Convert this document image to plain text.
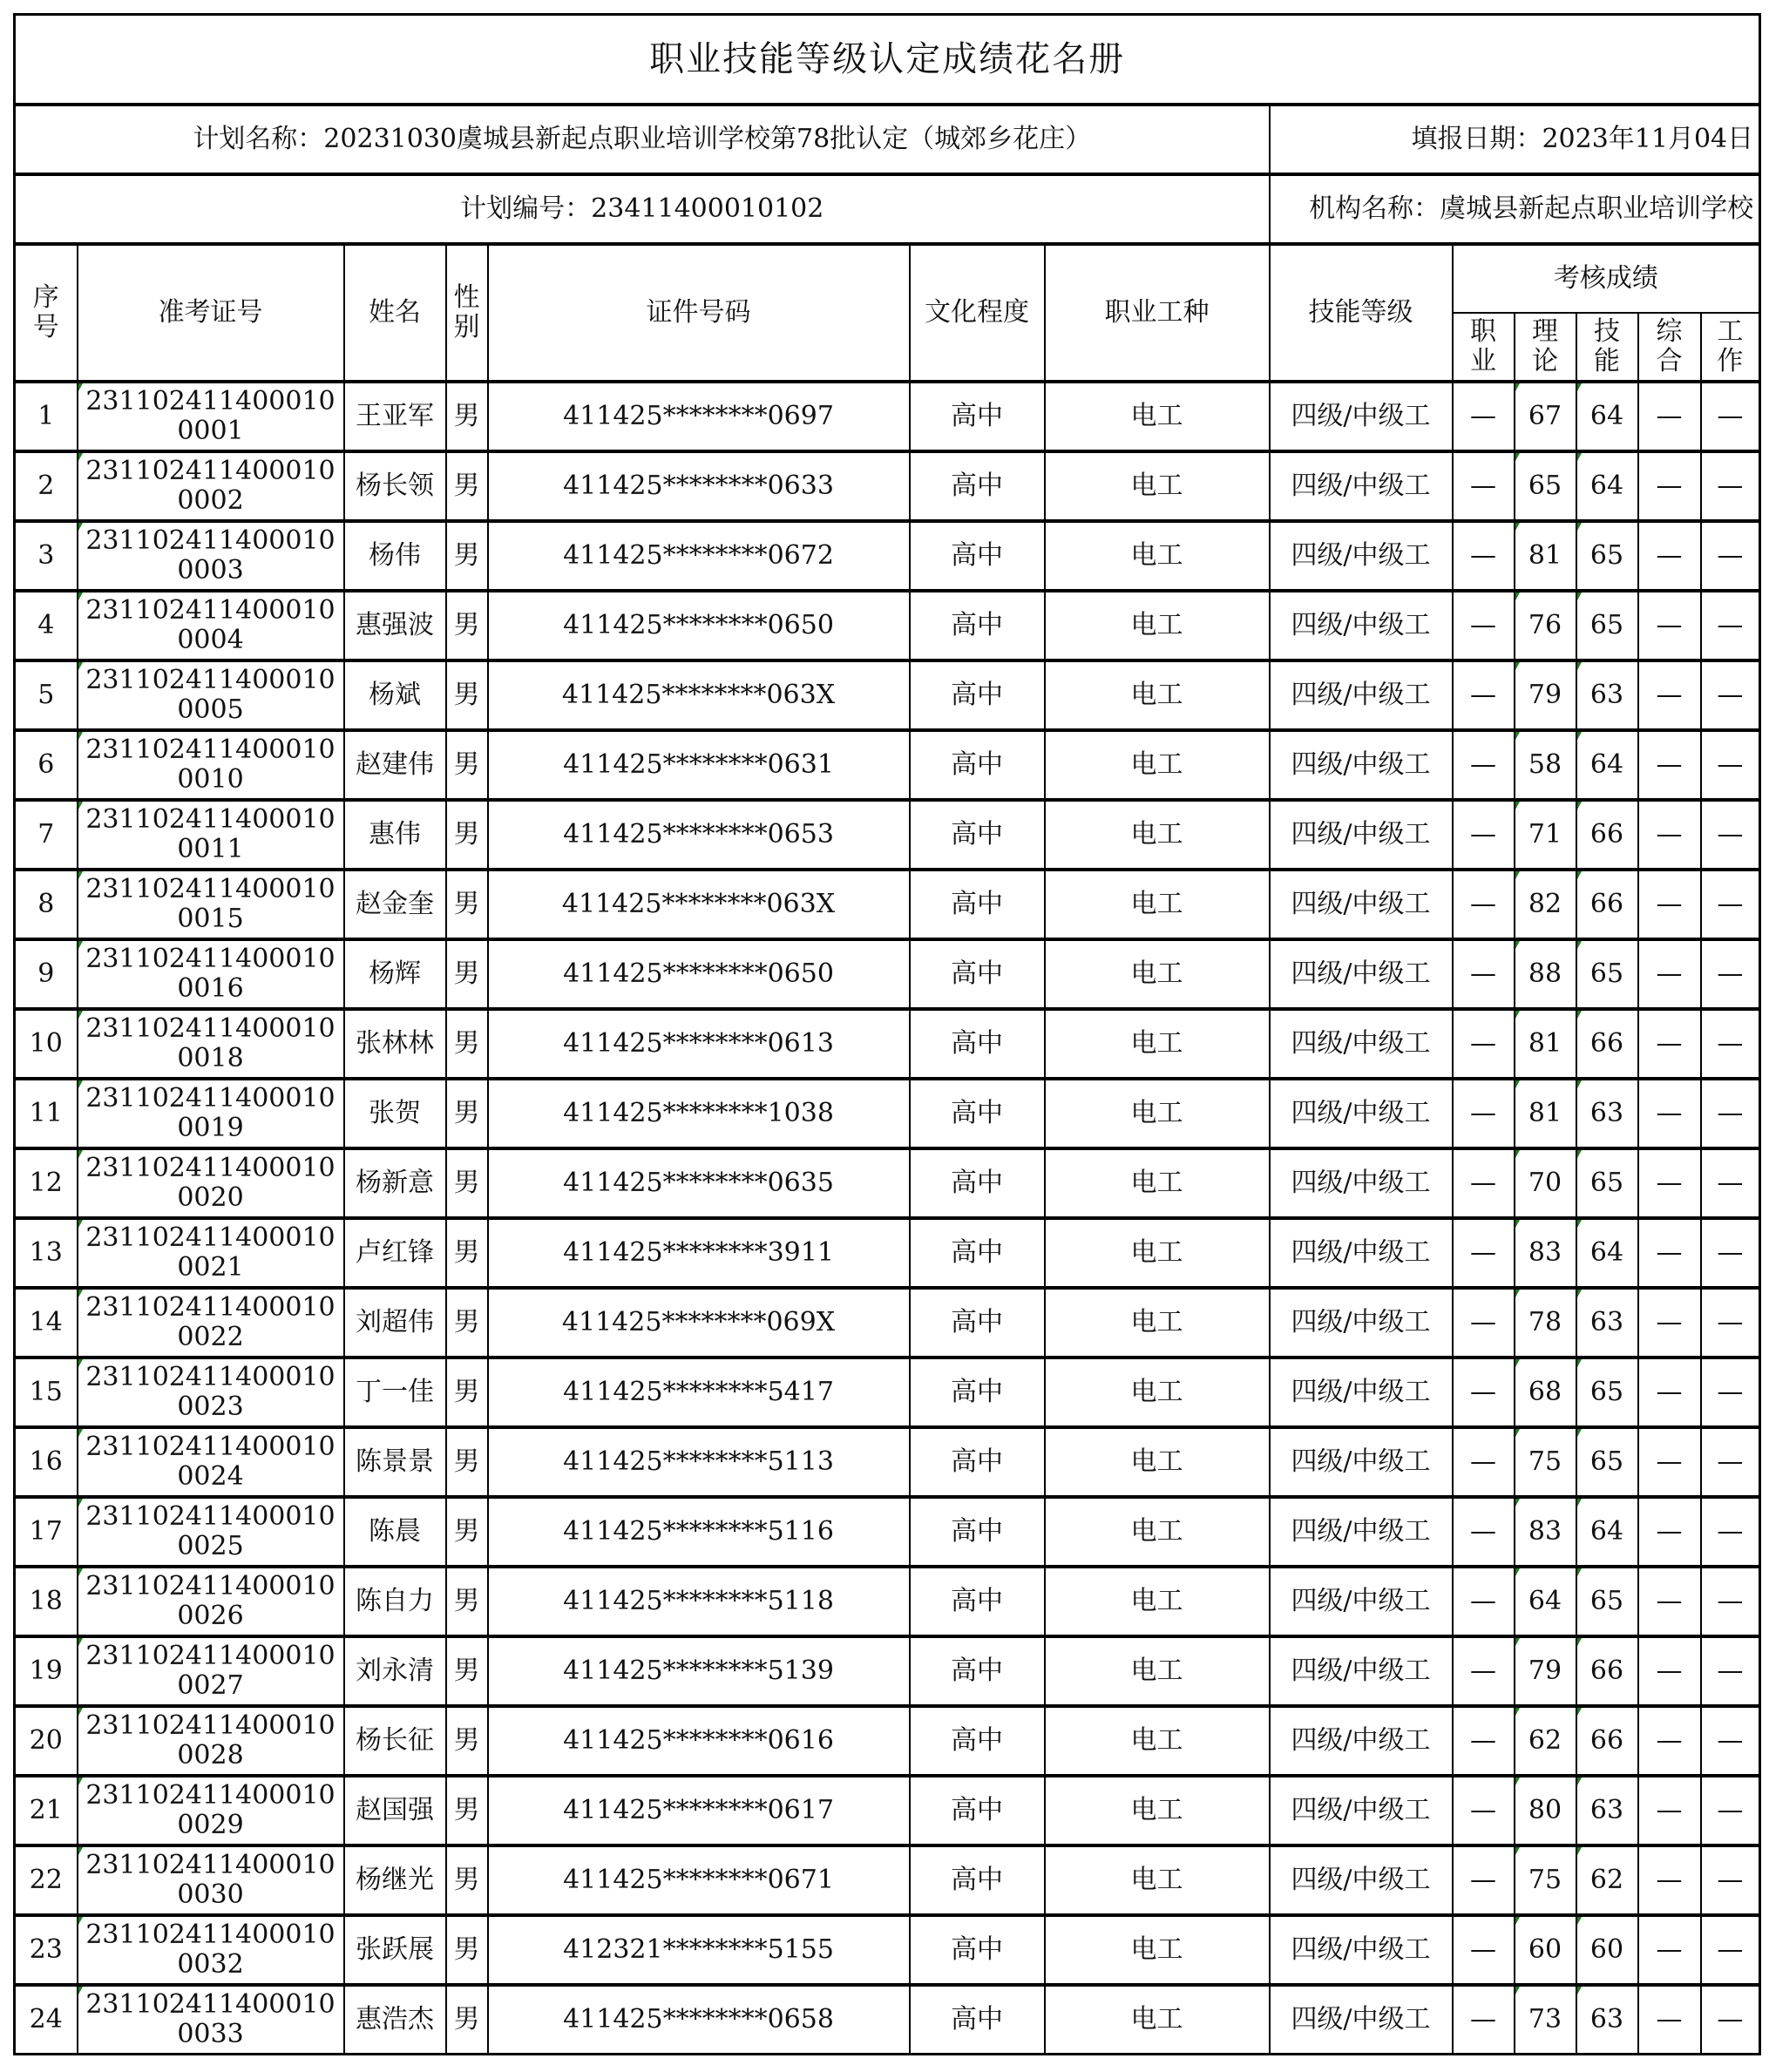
职业技能等级认定成绩花名册												
计划名称：20231030虞城县新起点职业培训学校第78批认定（城郊乡花庄）							填报日期：2023年11月04日					
计划编号：23411400010102							机构名称：虞城县新起点职业培训学校					
序号	准考证号	姓名	性别	证件号码	文化程度	职业工种	技能等级	考核成绩				
								职业	理论	技能	综合	工作
1	2311024114000100001	王亚军	男	411425********0697	高中	电工	四级/中级工	—	67	64	—	—
2	2311024114000100002	杨长领	男	411425********0633	高中	电工	四级/中级工	—	65	64	—	—
3	2311024114000100003	杨伟	男	411425********0672	高中	电工	四级/中级工	—	81	65	—	—
4	2311024114000100004	惠强波	男	411425********0650	高中	电工	四级/中级工	—	76	65	—	—
5	2311024114000100005	杨斌	男	411425********063X	高中	电工	四级/中级工	—	79	63	—	—
6	2311024114000100010	赵建伟	男	411425********0631	高中	电工	四级/中级工	—	58	64	—	—
7	2311024114000100011	惠伟	男	411425********0653	高中	电工	四级/中级工	—	71	66	—	—
8	2311024114000100015	赵金奎	男	411425********063X	高中	电工	四级/中级工	—	82	66	—	—
9	2311024114000100016	杨辉	男	411425********0650	高中	电工	四级/中级工	—	88	65	—	—
10	2311024114000100018	张林林	男	411425********0613	高中	电工	四级/中级工	—	81	66	—	—
11	2311024114000100019	张贺	男	411425********1038	高中	电工	四级/中级工	—	81	63	—	—
12	2311024114000100020	杨新意	男	411425********0635	高中	电工	四级/中级工	—	70	65	—	—
13	2311024114000100021	卢红锋	男	411425********3911	高中	电工	四级/中级工	—	83	64	—	—
14	2311024114000100022	刘超伟	男	411425********069X	高中	电工	四级/中级工	—	78	63	—	—
15	2311024114000100023	丁一佳	男	411425********5417	高中	电工	四级/中级工	—	68	65	—	—
16	2311024114000100024	陈景景	男	411425********5113	高中	电工	四级/中级工	—	75	65	—	—
17	2311024114000100025	陈晨	男	411425********5116	高中	电工	四级/中级工	—	83	64	—	—
18	2311024114000100026	陈自力	男	411425********5118	高中	电工	四级/中级工	—	64	65	—	—
19	2311024114000100027	刘永清	男	411425********5139	高中	电工	四级/中级工	—	79	66	—	—
20	2311024114000100028	杨长征	男	411425********0616	高中	电工	四级/中级工	—	62	66	—	—
21	2311024114000100029	赵国强	男	411425********0617	高中	电工	四级/中级工	—	80	63	—	—
22	2311024114000100030	杨继光	男	411425********0671	高中	电工	四级/中级工	—	75	62	—	—
23	2311024114000100032	张跃展	男	412321********5155	高中	电工	四级/中级工	—	60	60	—	—
24	2311024114000100033	惠浩杰	男	411425********0658	高中	电工	四级/中级工	—	73	63	—	—
